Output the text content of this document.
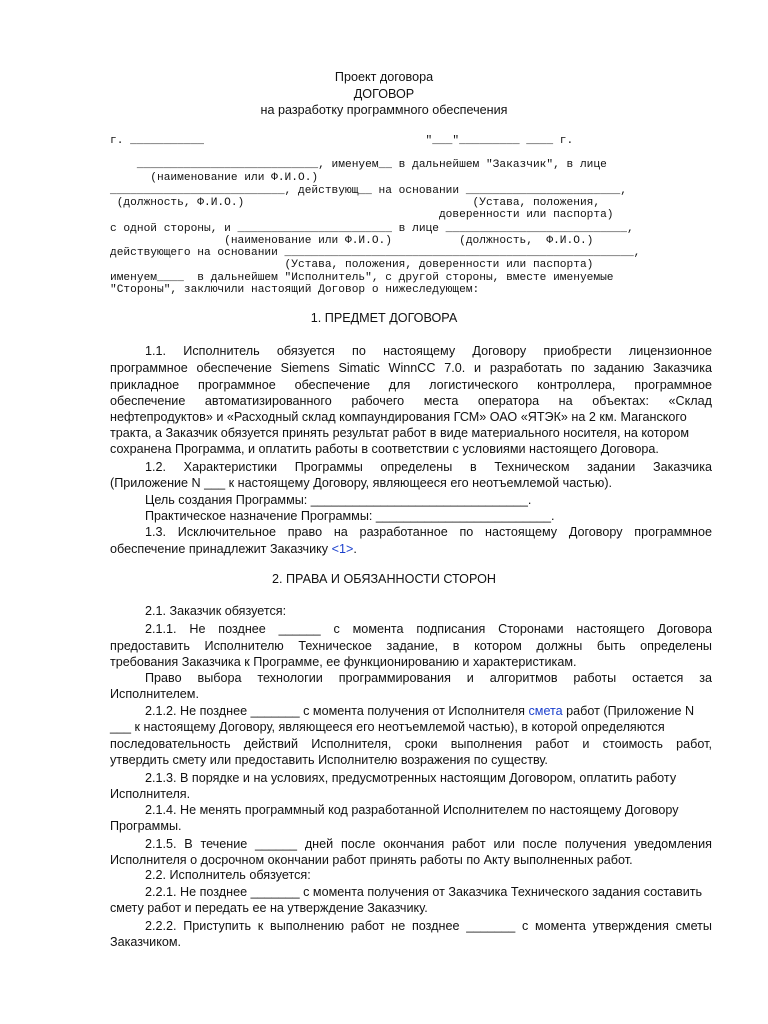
Проект договора
ДОГОВОР
на разработку программного обеспечения
г. ___________                                 "___"_________ ____ г.
___________________________, именуем__ в дальнейшем "Заказчик", в лице
(наименование или Ф.И.О.)
__________________________, действующ__ на основании _______________________,
(должность, Ф.И.О.)                                  (Устава, положения,
доверенности или паспорта)
с одной стороны, и _______________________ в лице ___________________________,
(наименование или Ф.И.О.)          (должность,  Ф.И.О.)
действующего на основании ____________________________________________________,
(Устава, положения, доверенности или паспорта)
именуем____  в дальнейшем "Исполнитель", с другой стороны, вместе именуемые
"Стороны", заключили настоящий Договор о нижеследующем:
1. ПРЕДМЕТ ДОГОВОРА
1.1. Исполнитель обязуется по настоящему Договору приобрести лицензионное
программное обеспечение Siemens Simatic WinnCC 7.0. и разработать по заданию Заказчика
прикладное программное обеспечение для логистического контроллера, программное
обеспечение автоматизированного рабочего места оператора на объектах: «Склад
нефтепродуктов» и «Расходный склад компаундирования ГСМ» ОАО «ЯТЭК» на 2 км. Маганского
тракта, а Заказчик обязуется принять результат работ в виде материального носителя, на котором
сохранена Программа, и оплатить работы в соответствии с условиями настоящего Договора.
1.2. Характеристики Программы определены в Техническом задании Заказчика
(Приложение N ___ к настоящему Договору, являющееся его неотъемлемой частью).
Цель создания Программы: _______________________________.
Практическое назначение Программы: _________________________.
1.3. Исключительное право на разработанное по настоящему Договору программное
обеспечение принадлежит Заказчику <1>.
2. ПРАВА И ОБЯЗАННОСТИ СТОРОН
2.1. Заказчик обязуется:
2.1.1. Не позднее ______ с момента подписания Сторонами настоящего Договора
предоставить Исполнителю Техническое задание, в котором должны быть определены
требования Заказчика к Программе, ее функционированию и характеристикам.
Право выбора технологии программирования и алгоритмов работы остается за
Исполнителем.
2.1.2. Не позднее _______ с момента получения от Исполнителя смета работ (Приложение N
___ к настоящему Договору, являющееся его неотъемлемой частью), в которой определяются
последовательность действий Исполнителя, сроки выполнения работ и стоимость работ,
утвердить смету или предоставить Исполнителю возражения по существу.
2.1.3. В порядке и на условиях, предусмотренных настоящим Договором, оплатить работу
Исполнителя.
2.1.4. Не менять программный код разработанной Исполнителем по настоящему Договору
Программы.
2.1.5. В течение ______ дней после окончания работ или после получения уведомления
Исполнителя о досрочном окончании работ принять работы по Акту выполненных работ.
2.2. Исполнитель обязуется:
2.2.1. Не позднее _______ с момента получения от Заказчика Технического задания составить
смету работ и передать ее на утверждение Заказчику.
2.2.2. Приступить к выполнению работ не позднее _______ с момента утверждения сметы
Заказчиком.
